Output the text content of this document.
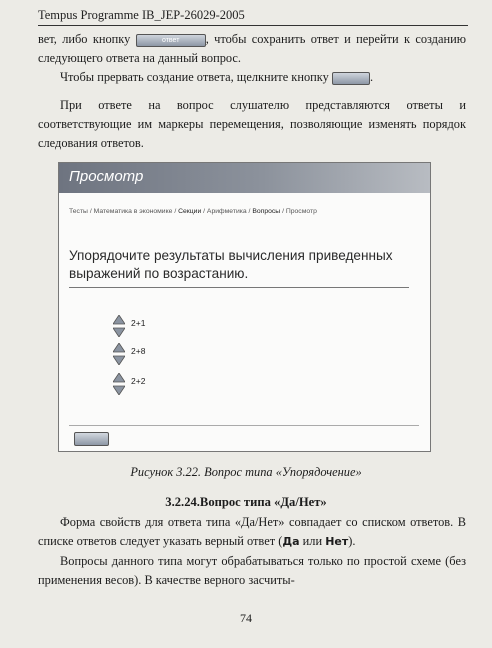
Tempus Programme IB_JEP-26029-2005
вет, либо кнопку	ответ , чтобы сохранить ответ и перейти к созданию следующего ответа на данный вопрос.
Чтобы прервать создание ответа, щелкните кнопку	.
При ответе на вопрос слушателю представляются ответы и соответствующие им маркеры перемещения, позволяющие изменять порядок следования ответов.
Просмотр
Тесты / Математика в экономике / Секции / Арифметика / Вопросы / Просмотр
Упорядочите результаты вычисления приведенных выражений по возрастанию.
2+1
2+8
2+2
Рисунок 3.22. Вопрос типа «Упорядочение»
3.2.24.Вопрос типа «Да/Нет»
Форма свойств для ответа типа «Да/Нет» совпадает со списком ответов. В списке ответов следует указать верный ответ (Да или Нет).
Вопросы данного типа могут обрабатываться только по простой схеме (без применения весов). В качестве верного засчиты-
74
